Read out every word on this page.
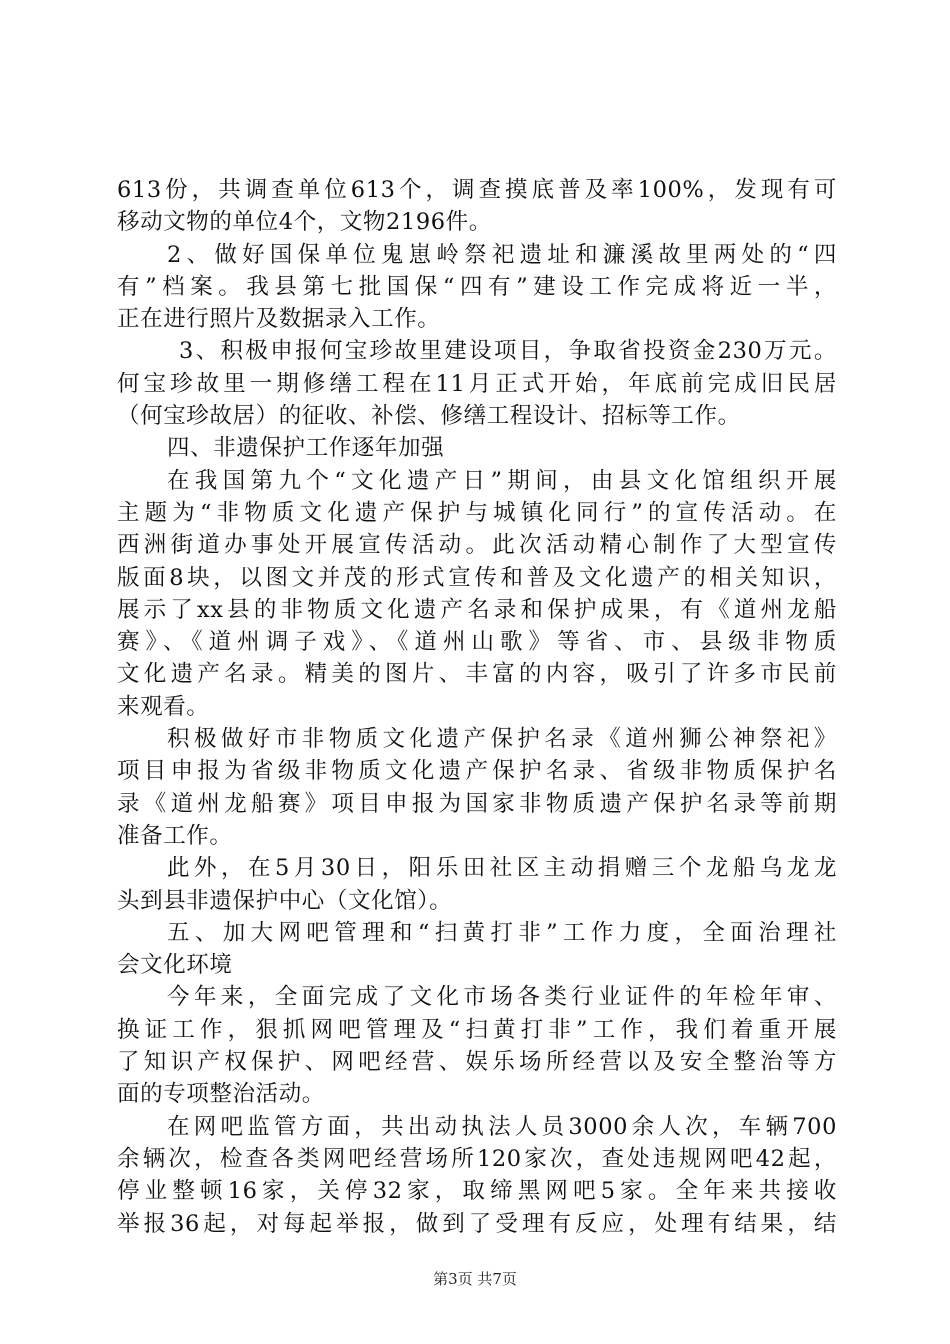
613份，共调查单位613个，调查摸底普及率100%，发现有可
移动文物的单位4个，文物2196件。
2、做好国保单位鬼崽岭祭祀遗址和濂溪故里两处的“四
有”档案。我县第七批国保“四有”建设工作完成将近一半，
正在进行照片及数据录入工作。
3、积极申报何宝珍故里建设项目，争取省投资金230万元。
何宝珍故里一期修缮工程在11月正式开始，年底前完成旧民居
（何宝珍故居）的征收、补偿、修缮工程设计、招标等工作。
四、非遗保护工作逐年加强
在我国第九个“文化遗产日”期间，由县文化馆组织开展
主题为“非物质文化遗产保护与城镇化同行”的宣传活动。在
西洲街道办事处开展宣传活动。此次活动精心制作了大型宣传
版面8块，以图文并茂的形式宣传和普及文化遗产的相关知识，
展示了xx县的非物质文化遗产名录和保护成果，有《道州龙船
赛》、《道州调子戏》、《道州山歌》等省、市、县级非物质
文化遗产名录。精美的图片、丰富的内容，吸引了许多市民前
来观看。
积极做好市非物质文化遗产保护名录《道州狮公神祭祀》
项目申报为省级非物质文化遗产保护名录、省级非物质保护名
录《道州龙船赛》项目申报为国家非物质遗产保护名录等前期
准备工作。
此外，在5月30日，阳乐田社区主动捐赠三个龙船乌龙龙
头到县非遗保护中心（文化馆）。
五、加大网吧管理和“扫黄打非”工作力度，全面治理社
会文化环境
今年来，全面完成了文化市场各类行业证件的年检年审、
换证工作，狠抓网吧管理及“扫黄打非”工作，我们着重开展
了知识产权保护、网吧经营、娱乐场所经营以及安全整治等方
面的专项整治活动。
在网吧监管方面，共出动执法人员3000余人次，车辆700
余辆次，检查各类网吧经营场所120家次，查处违规网吧42起，
停业整顿16家，关停32家，取缔黑网吧5家。全年来共接收
举报36起，对每起举报，做到了受理有反应，处理有结果，结
第3页 共7页
